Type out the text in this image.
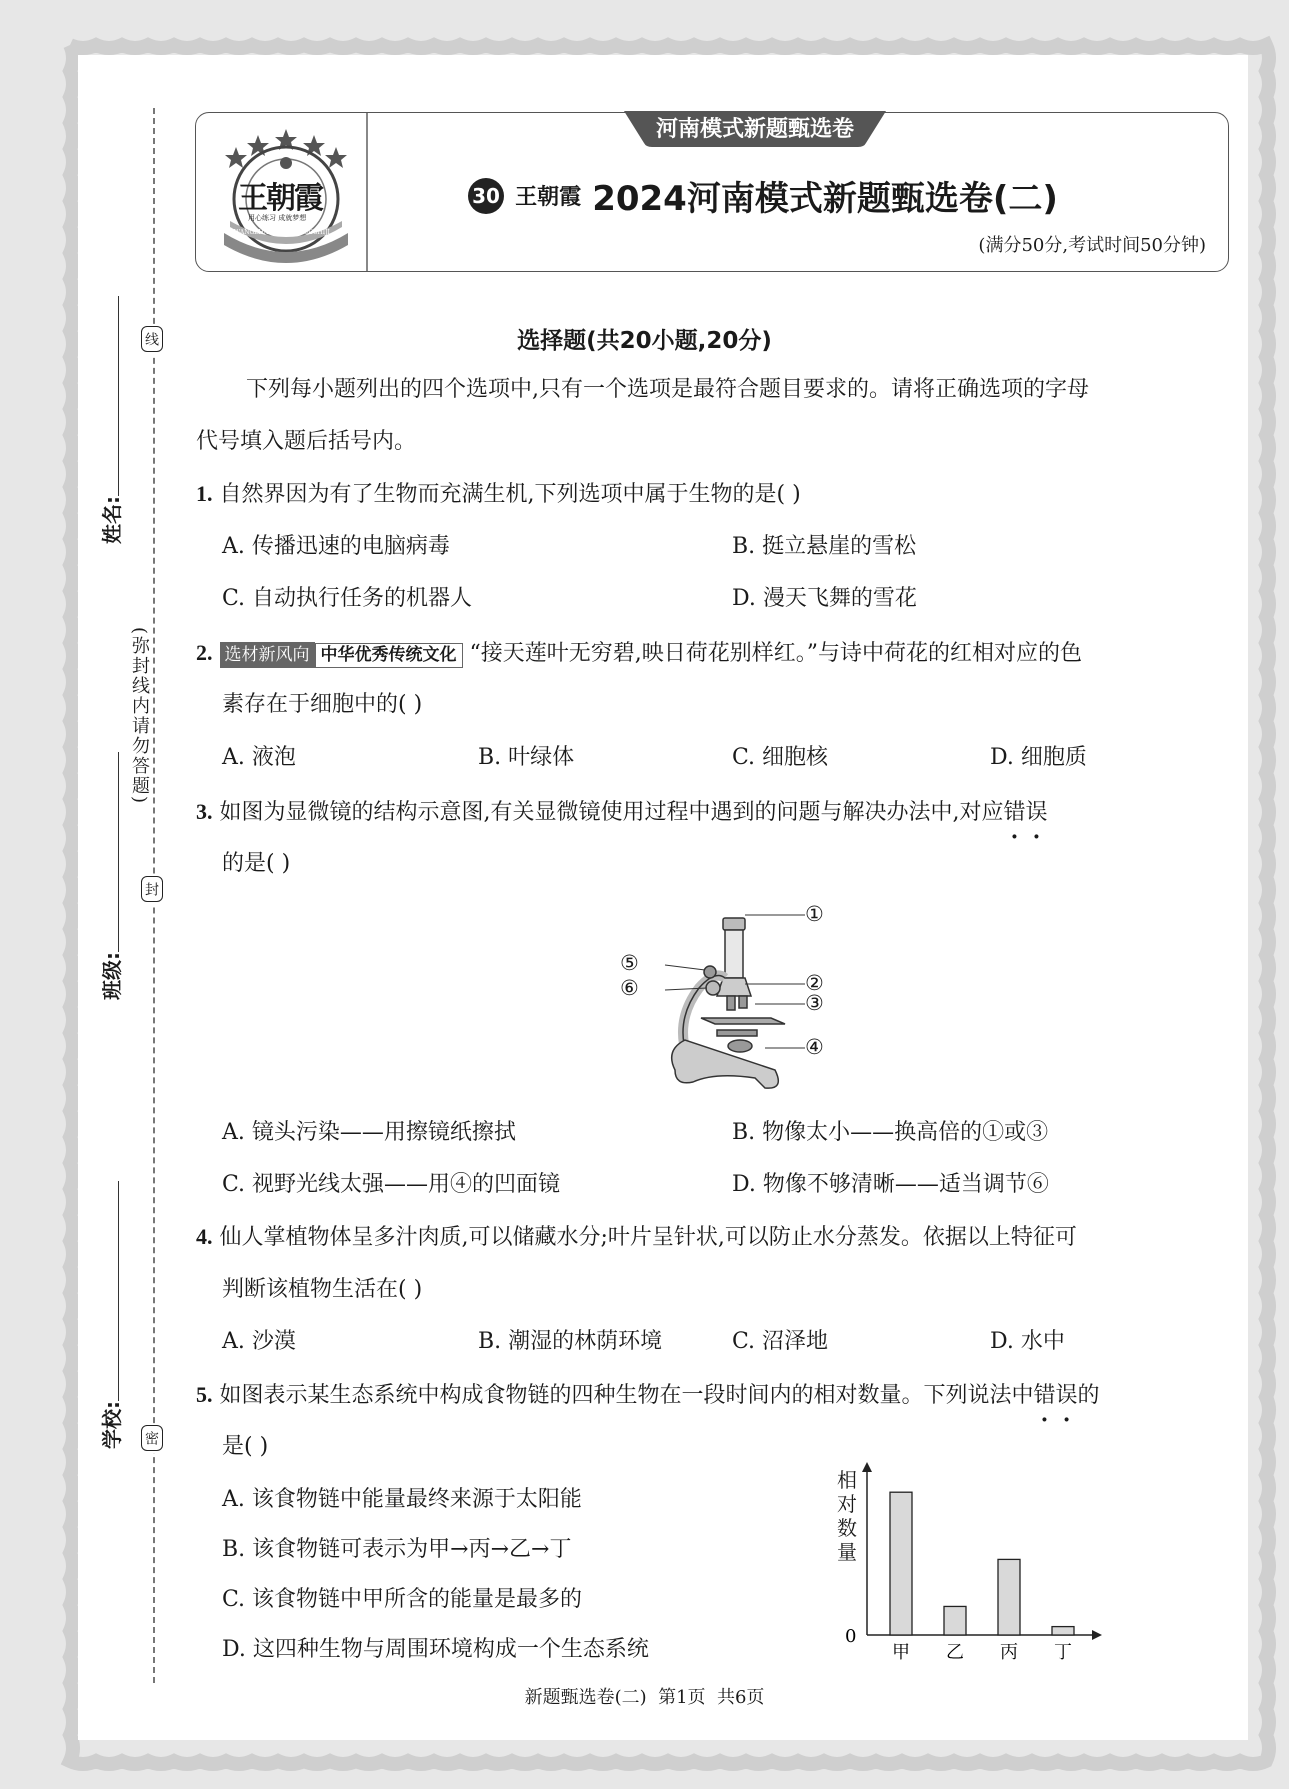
王朝霞
用心练习 成就梦想
WANGZHAOXIANJIEHUOSHIJI
河南模式新题甄选卷
30 王朝霞 2024河南模式新题甄选卷(二)
(满分50分,考试时间50分钟)
线
封
密
(弥封线内请勿答题)
姓名:
班级:
学校:
选择题(共20小题,20分)
下列每小题列出的四个选项中,只有一个选项是最符合题目要求的。请将正确选项的字母
代号填入题后括号内。
1. 自然界因为有了生物而充满生机,下列选项中属于生物的是( )
A. 传播迅速的电脑病毒	B. 挺立悬崖的雪松
C. 自动执行任务的机器人	D. 漫天飞舞的雪花
2. 选材新风向 中华优秀传统文化 “接天莲叶无穷碧,映日荷花别样红。”与诗中荷花的红相对应的色
素存在于细胞中的( )
A. 液泡	B. 叶绿体	C. 细胞核	D. 细胞质
3. 如图为显微镜的结构示意图,有关显微镜使用过程中遇到的问题与解决办法中,对应错误
的是( )
①
②
③
④
⑤
⑥
A. 镜头污染——用擦镜纸擦拭	B. 物像太小——换高倍的①或③
C. 视野光线太强——用④的凹面镜	D. 物像不够清晰——适当调节⑥
4. 仙人掌植物体呈多汁肉质,可以储藏水分;叶片呈针状,可以防止水分蒸发。依据以上特征可
判断该植物生活在( )
A. 沙漠	B. 潮湿的林荫环境	C. 沼泽地	D. 水中
5. 如图表示某生态系统中构成食物链的四种生物在一段时间内的相对数量。下列说法中错误的
是( )
A. 该食物链中能量最终来源于太阳能
B. 该食物链可表示为甲→丙→乙→丁
C. 该食物链中甲所含的能量是最多的
D. 这四种生物与周围环境构成一个生态系统	甲 乙 丙 丁
0
相对数量
新题甄选卷(二)  第1页  共6页
